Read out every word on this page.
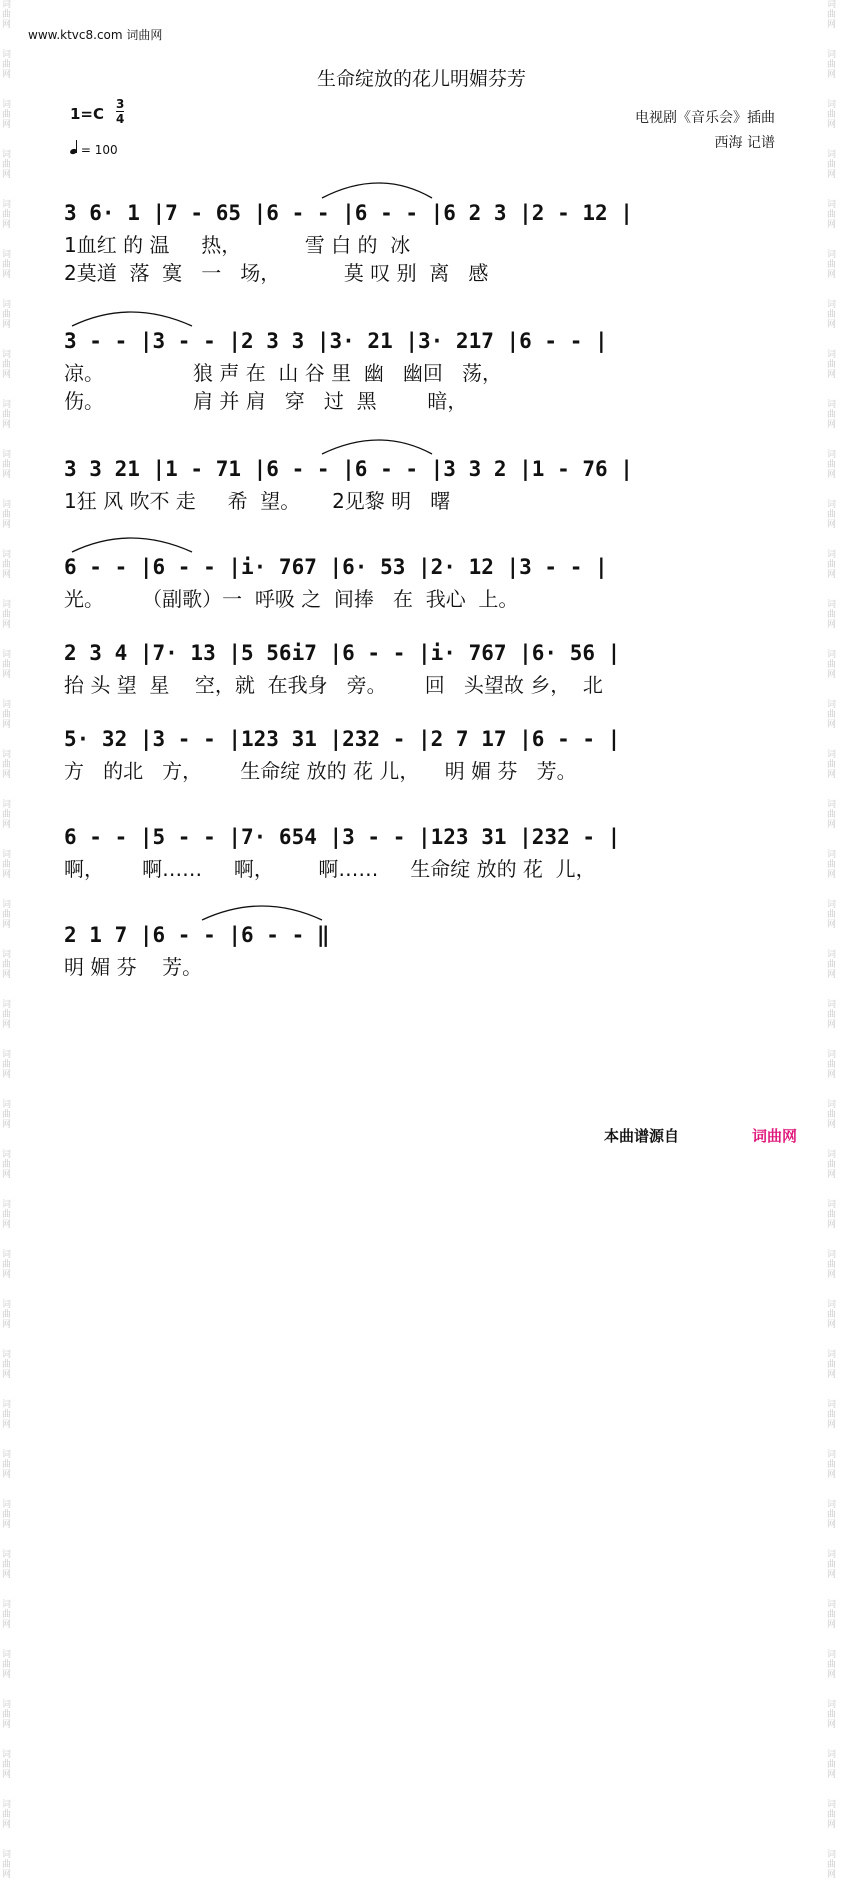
词
曲
网

词
曲
网

词
曲
网

词
曲
网

词
曲
网

词
曲
网

词
曲
网

词
曲
网

词
曲
网

词
曲
网

词
曲
网

词
曲
网

词
曲
网

词
曲
网

词
曲
网

词
曲
网

词
曲
网

词
曲
网

词
曲
网

词
曲
网

词
曲
网

词
曲
网

词
曲
网

词
曲
网

词
曲
网

词
曲
网

词
曲
网

词
曲
网

词
曲
网

词
曲
网

词
曲
网

词
曲
网

词
曲
网

词
曲
网

词
曲
网

词
曲
网

词
曲
网

词
曲
网

词
曲
网

词
曲
网

词
曲
网

词
曲
网

词
曲
网

词
曲
网

词
曲
网

词
曲
网

词
曲
网

词
曲
网

词
曲
网

词
曲
网

词
曲
网

词
曲
网

词
曲
网

词
曲
网

词
曲
网

词
曲
网

词
曲
网

词
曲
网

词
曲
网

词
曲
网

词
曲
网

词
曲
网

词
曲
网

词
曲
网

词
曲
网

词
曲
网

词
曲
网

词
曲
网

词
曲
网

词
曲
网

词
曲
网

词
曲
网

词
曲
网

词
曲
网

词
曲
网

词
曲
网

www.ktvc8.com 词曲网
生命绽放的花儿明媚芬芳
1=C
3
4
= 100
电视剧《音乐会》插曲
西海 记谱
3 6· 1 |7 - 65 |6 - - |6 - - |6 2 3 |2 - 12 |
1血红 的 温     热，          雪 白 的  冰
2莫道  落  寞   一   场，          莫 叹 别  离   感
3 - - |3 - - |2 3 3 |3· 21 |3· 217 |6 - - |
凉。              狼 声 在  山 谷 里  幽   幽回   荡，
伤。              肩 并 肩   穿   过  黑        暗，
3 3 21 |1 - 71 |6 - - |6 - - |3 3 2 |1 - 76 |
1狂 风 吹不 走     希  望。     2见黎 明   曙
6 - - |6 - - |i· 767 |6· 53 |2· 12 |3 - - |
光。      （副歌）一  呼吸 之  间捧   在  我心  上。
2 3 4 |7· 13 |5 56i7 |6 - - |i· 767 |6· 56 |
抬 头 望  星    空，就  在我身   旁。      回   头望故 乡，  北
5· 32 |3 - - |123 31 |232 - |2 7 17 |6 - - |
方   的北   方，      生命绽 放的 花 儿，    明 媚 芬   芳。
6 - - |5 - - |7· 654 |3 - - |123 31 |232 - |
啊，      啊……     啊，       啊……     生命绽 放的 花  儿，
2 1 7 |6 - - |6 - - ‖
明 媚 芬    芳。
本曲谱源自	词曲网
